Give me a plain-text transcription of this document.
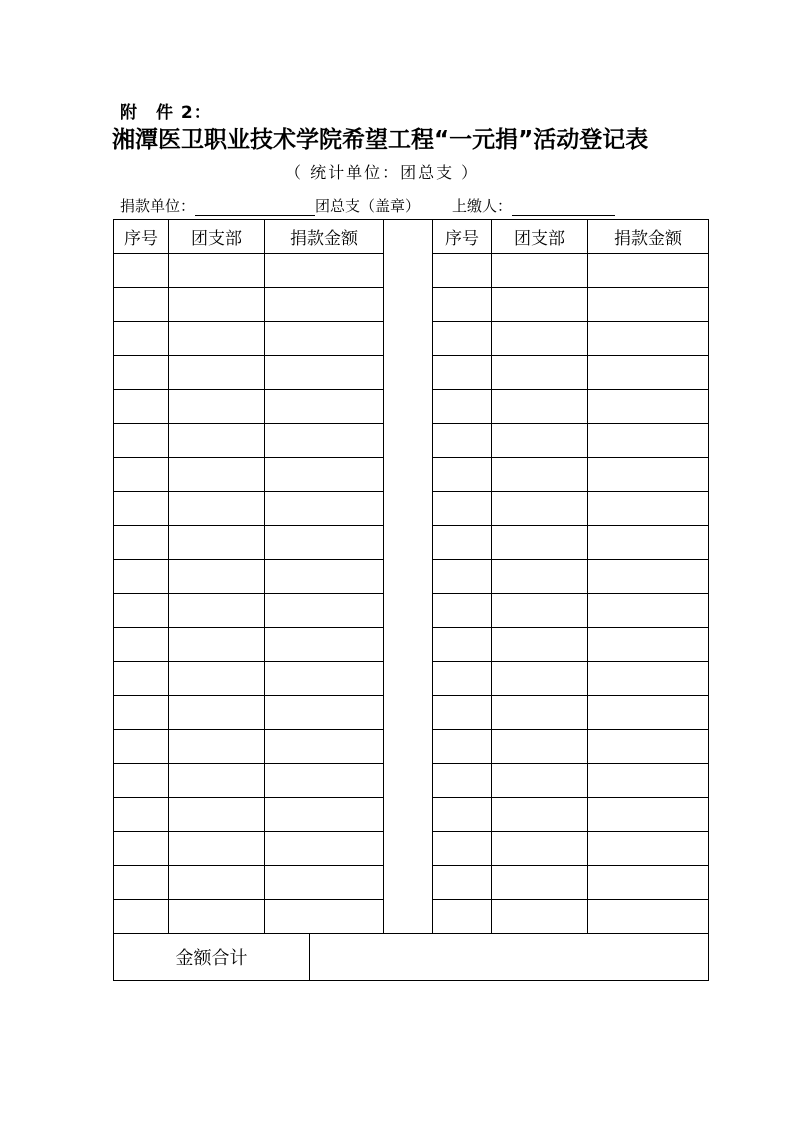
附　件 2：
湘潭医卫职业技术学院希望工程“一元捐”活动登记表
（ 统计单位：团总支 ）
捐款单位：	团总支（盖章） 上缴人：
序号	团支部	捐款金额		序号	团支部	捐款金额

金额合计	
